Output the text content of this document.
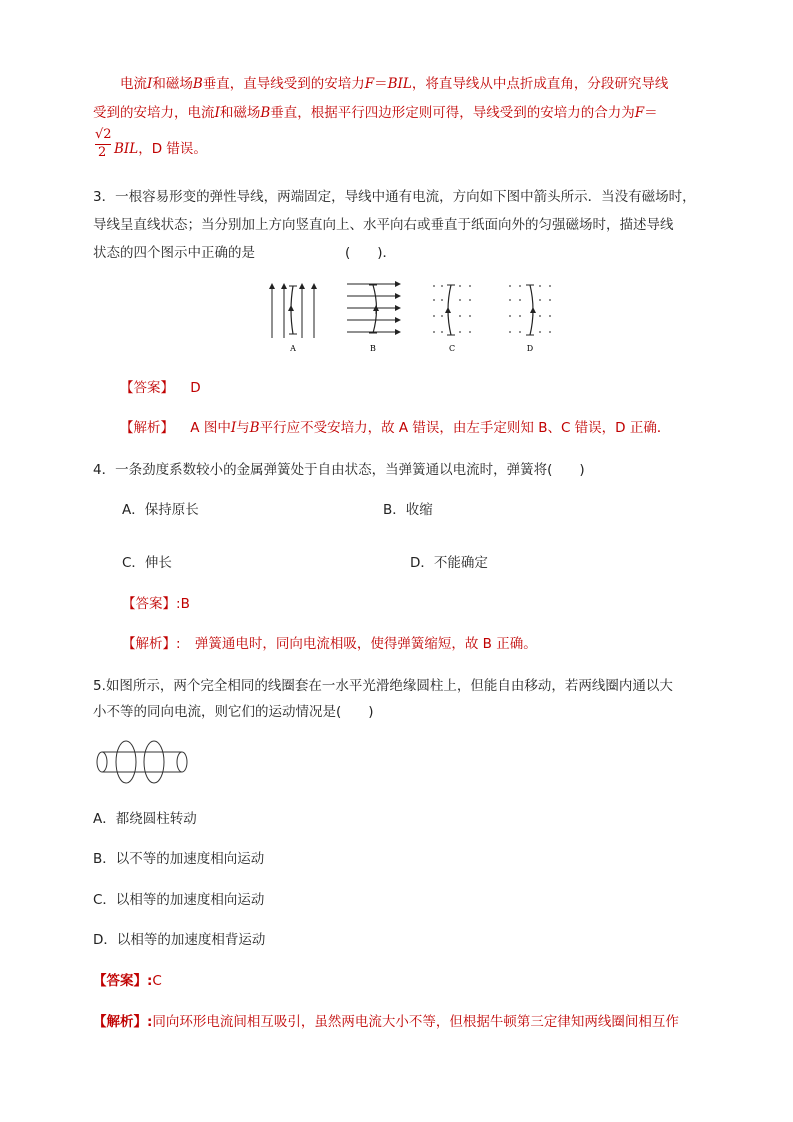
电流I和磁场B垂直，直导线受到的安培力F＝BIL，将直导线从中点折成直角，分段研究导线
受到的安培力，电流I和磁场B垂直，根据平行四边形定则可得，导线受到的安培力的合力为F＝
√2
2 BIL，D 错误。
3．一根容易形变的弹性导线，两端固定，导线中通有电流，方向如下图中箭头所示．当没有磁场时，
导线呈直线状态；当分别加上方向竖直向上、水平向右或垂直于纸面向外的匀强磁场时，描述导线
状态的四个图示中正确的是	(　　)．
A	B	C	D
【答案】 D
【解析】 A 图中I与B平行应不受安培力，故 A 错误，由左手定则知 B、C 错误，D 正确．
4．一条劲度系数较小的金属弹簧处于自由状态，当弹簧通以电流时，弹簧将(　　)
A．保持原长	B．收缩
C．伸长	D．不能确定
【答案】:B
【解析】: 弹簧通电时，同向电流相吸，使得弹簧缩短，故 B 正确。
5.如图所示，两个完全相同的线圈套在一水平光滑绝缘圆柱上，但能自由移动，若两线圈内通以大
小不等的同向电流，则它们的运动情况是(　　)
A．都绕圆柱转动
B．以不等的加速度相向运动
C．以相等的加速度相向运动
D．以相等的加速度相背运动
【答案】:C
【解析】:同向环形电流间相互吸引，虽然两电流大小不等，但根据牛顿第三定律知两线圈间相互作
